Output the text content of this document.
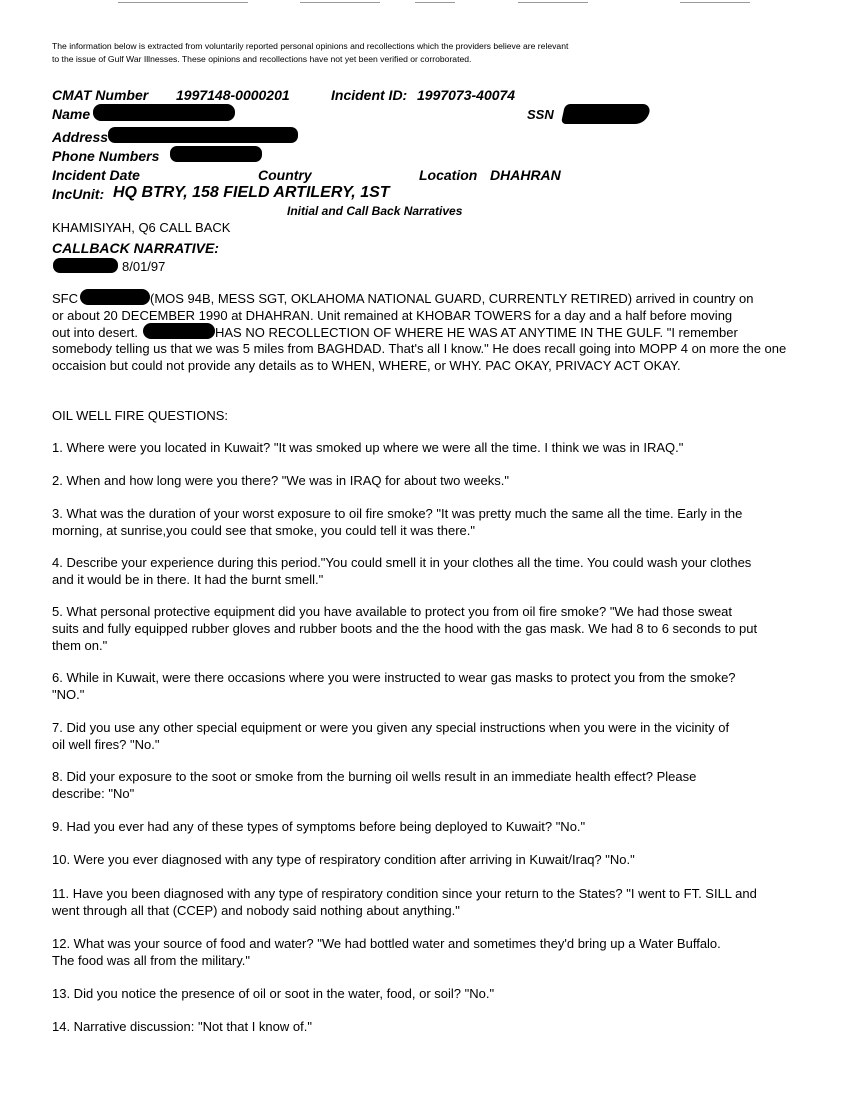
The information below is extracted from voluntarily reported personal opinions and recollections which the providers believe are relevant to the issue of Gulf War Illnesses. These opinions and recollections have not yet been verified or corroborated.
CMAT Number 1997148-0000201	Incident ID: 1997073-40074
Name	SSN
Address
Phone Numbers
Incident Date	Country	Location DHAHRAN
IncUnit: HQ BTRY, 158 FIELD ARTILERY, 1ST
Initial and Call Back Narratives
KHAMISIYAH, Q6 CALL BACK
CALLBACK NARRATIVE:
8/01/97
SFC	(MOS 94B, MESS SGT, OKLAHOMA NATIONAL GUARD, CURRENTLY RETIRED) arrived in country on
or about 20 DECEMBER 1990 at DHAHRAN. Unit remained at KHOBAR TOWERS for a day and a half before moving
out into desert.	HAS NO RECOLLECTION OF WHERE HE WAS AT ANYTIME IN THE GULF. "I remember
somebody telling us that we was 5 miles from BAGHDAD. That's all I know." He does recall going into MOPP 4 on more the one occaision but could not provide any details as to WHEN, WHERE, or WHY. PAC OKAY, PRIVACY ACT OKAY.
OIL WELL FIRE QUESTIONS:
1. Where were you located in Kuwait? "It was smoked up where we were all the time. I think we was in IRAQ."
2. When and how long were you there? "We was in IRAQ for about two weeks."
3. What was the duration of your worst exposure to oil fire smoke? "It was pretty much the same all the time. Early in the morning, at sunrise,you could see that smoke, you could tell it was there."
4. Describe your experience during this period."You could smell it in your clothes all the time. You could wash your clothes and it would be in there. It had the burnt smell."
5. What personal protective equipment did you have available to protect you from oil fire smoke? "We had those sweat suits and fully equipped rubber gloves and rubber boots and the the hood with the gas mask. We had 8 to 6 seconds to put them on."
6. While in Kuwait, were there occasions where you were instructed to wear gas masks to protect you from the smoke? "NO."
7. Did you use any other special equipment or were you given any special instructions when you were in the vicinity of oil well fires? "No."
8. Did your exposure to the soot or smoke from the burning oil wells result in an immediate health effect? Please describe: "No"
9. Had you ever had any of these types of symptoms before being deployed to Kuwait? "No."
10. Were you ever diagnosed with any type of respiratory condition after arriving in Kuwait/Iraq? "No."
11. Have you been diagnosed with any type of respiratory condition since your return to the States? "I went to FT. SILL and went through all that (CCEP) and nobody said nothing about anything."
12. What was your source of food and water? "We had bottled water and sometimes they'd bring up a Water Buffalo. The food was all from the military."
13. Did you notice the presence of oil or soot in the water, food, or soil? "No."
14. Narrative discussion: "Not that I know of."
